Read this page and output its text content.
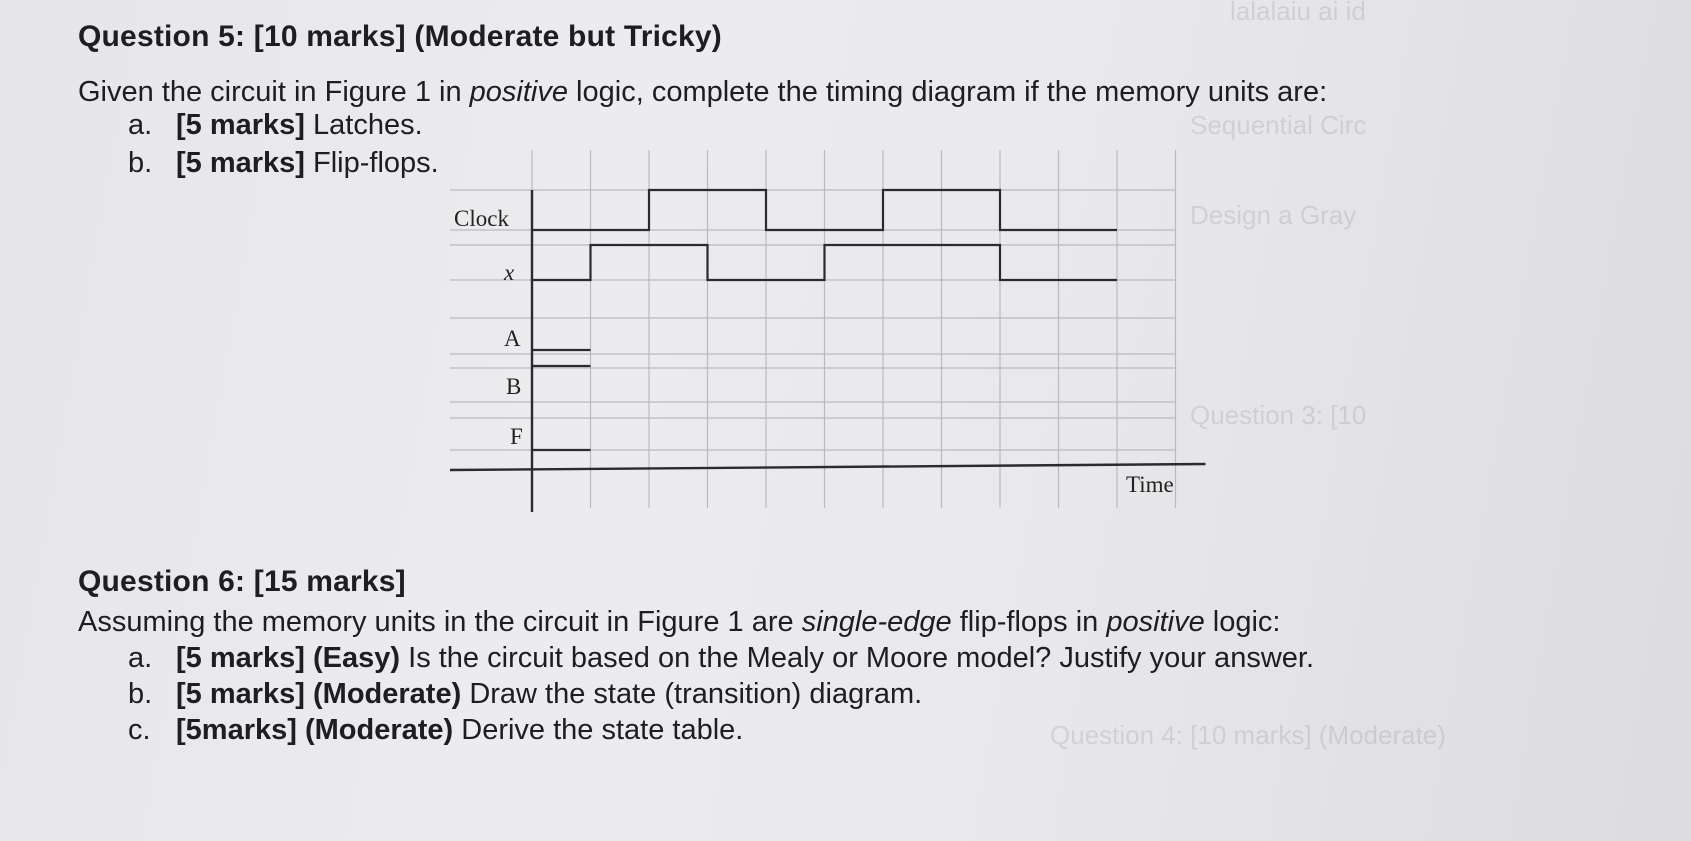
lalalaiu ai id
Sequential Circ
Design a Gray
Question 3: [10
Question 4: [10 marks] (Moderate)
Question 5: [10 marks] (Moderate but Tricky)
Given the circuit in Figure 1 in positive logic, complete the timing diagram if the memory units are:
a. [5 marks] Latches.
b. [5 marks] Flip-flops.
Clock
x
A
B
F
Time
Question 6: [15 marks]
Assuming the memory units in the circuit in Figure 1 are single-edge flip-flops in positive logic:
a. [5 marks] (Easy) Is the circuit based on the Mealy or Moore model? Justify your answer.
b. [5 marks] (Moderate) Draw the state (transition) diagram.
c. [5marks] (Moderate) Derive the state table.
